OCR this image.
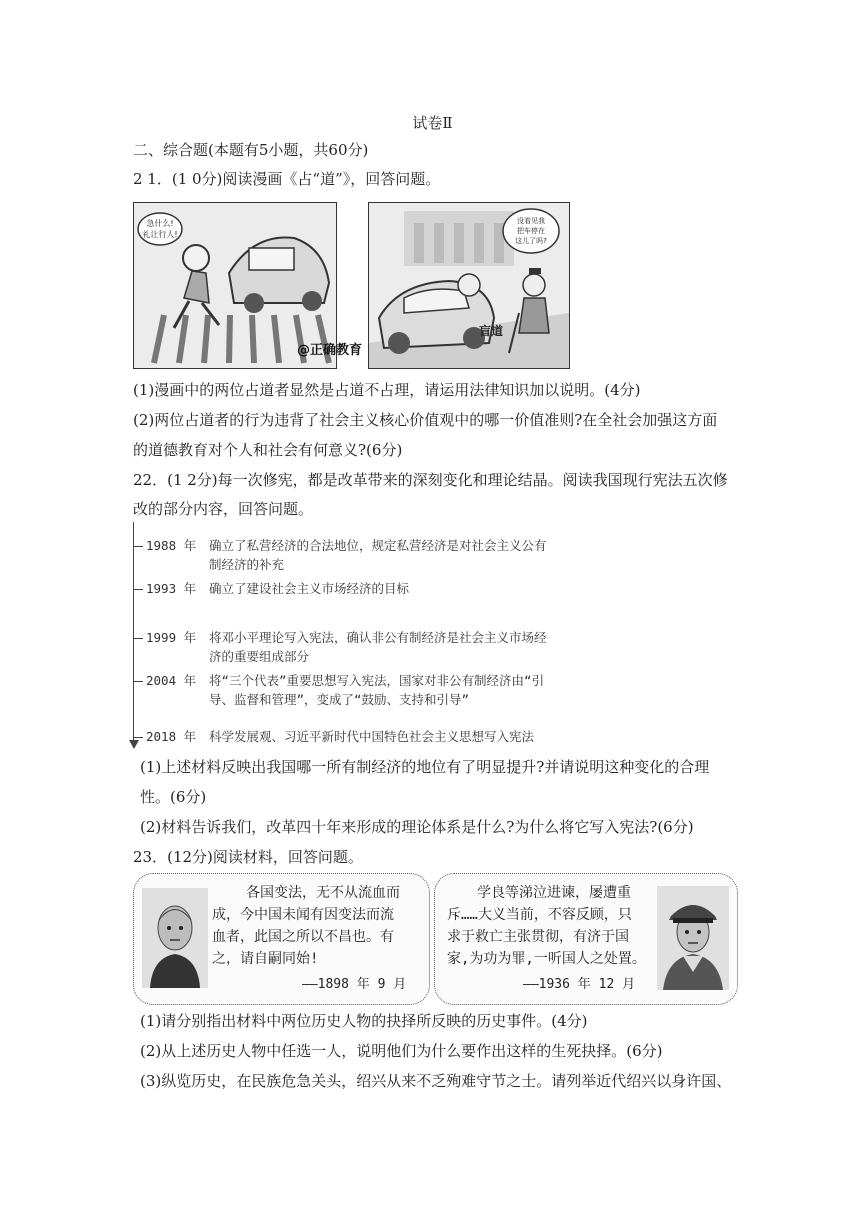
试卷Ⅱ
二、综合题(本题有5小题，共60分)
2 1．(1 0分)阅读漫画《占“道”》，回答问题。
急什么!
礼让行人!
没看见我
把车停在
这儿了吗?
盲道
@正确教育
(1)漫画中的两位占道者显然是占道不占理，请运用法律知识加以说明。(4分)
(2)两位占道者的行为违背了社会主义核心价值观中的哪一价值准则?在全社会加强这方面
的道德教育对个人和社会有何意义?(6分)
22．(1 2分)每一次修宪，都是改革带来的深刻变化和理论结晶。阅读我国现行宪法五次修
改的部分内容，回答问题。
1988 年 确立了私营经济的合法地位，规定私营经济是对社会主义公有
制经济的补充
1993 年 确立了建设社会主义市场经济的目标
1999 年 将邓小平理论写入宪法，确认非公有制经济是社会主义市场经
济的重要组成部分
2004 年 将“三个代表”重要思想写入宪法，国家对非公有制经济由“引
导、监督和管理”，变成了“鼓励、支持和引导”
2018 年 科学发展观、习近平新时代中国特色社会主义思想写入宪法
(1)上述材料反映出我国哪一所有制经济的地位有了明显提升?并请说明这种变化的合理
性。(6分)
(2)材料告诉我们，改革四十年来形成的理论体系是什么?为什么将它写入宪法?(6分)
23．(12分)阅读材料，回答问题。
各国变法，无不从流血而
成，今中国未闻有因变法而流
血者，此国之所以不昌也。有
之，请自嗣同始!
——1898 年 9 月
学良等涕泣进谏，屡遭重
斥……大义当前，不容反顾，只
求于救亡主张贯彻，有济于国
家,为功为罪,一听国人之处置。
——1936 年 12 月
(1)请分别指出材料中两位历史人物的抉择所反映的历史事件。(4分)
(2)从上述历史人物中任选一人，说明他们为什么要作出这样的生死抉择。(6分)
(3)纵览历史，在民族危急关头，绍兴从来不乏殉难守节之士。请列举近代绍兴以身许国、
